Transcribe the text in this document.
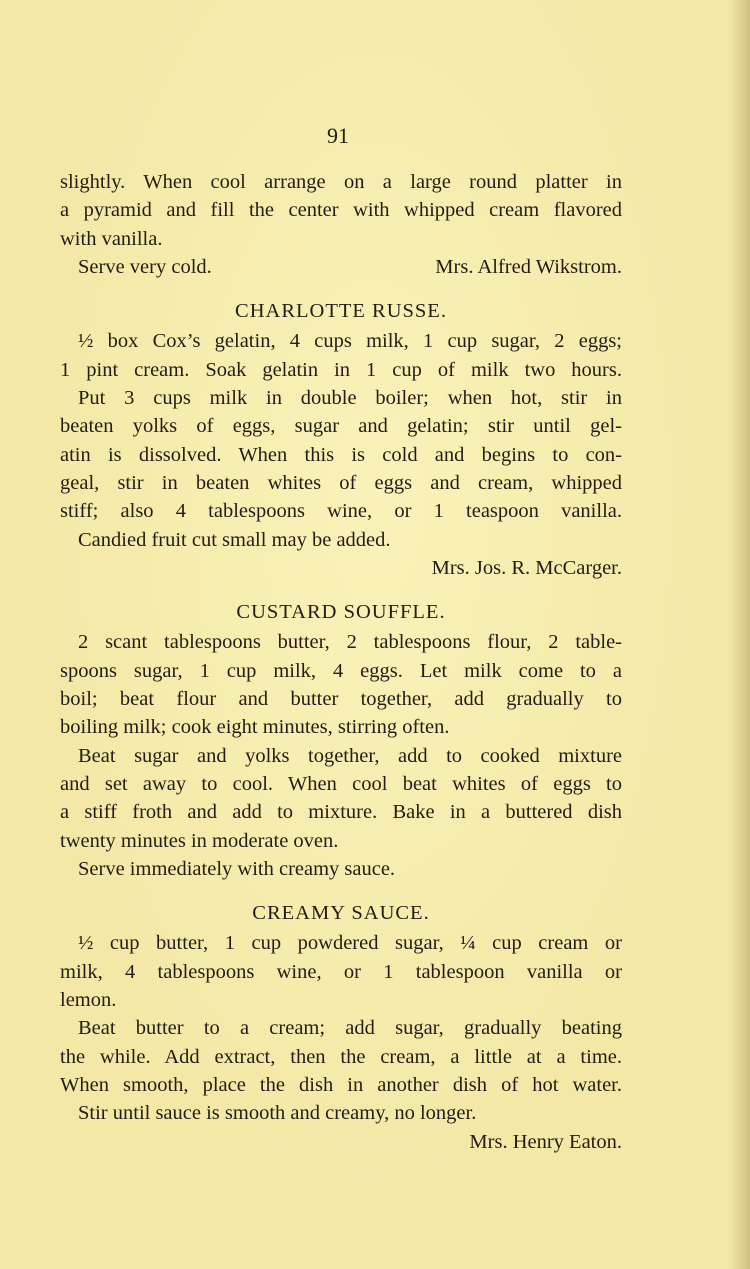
91
slightly. When cool arrange on a large round platter in
a pyramid and fill the center with whipped cream flavored
with vanilla.
Serve very cold.	Mrs. Alfred Wikstrom.
CHARLOTTE RUSSE.
½ box Cox’s gelatin, 4 cups milk, 1 cup sugar, 2 eggs;
1 pint cream. Soak gelatin in 1 cup of milk two hours.
Put 3 cups milk in double boiler; when hot, stir in
beaten yolks of eggs, sugar and gelatin; stir until gel-
atin is dissolved. When this is cold and begins to con-
geal, stir in beaten whites of eggs and cream, whipped
stiff; also 4 tablespoons wine, or 1 teaspoon vanilla.
Candied fruit cut small may be added.
Mrs. Jos. R. McCarger.
CUSTARD SOUFFLE.
2 scant tablespoons butter, 2 tablespoons flour, 2 table-
spoons sugar, 1 cup milk, 4 eggs. Let milk come to a
boil; beat flour and butter together, add gradually to
boiling milk; cook eight minutes, stirring often.
Beat sugar and yolks together, add to cooked mixture
and set away to cool. When cool beat whites of eggs to
a stiff froth and add to mixture. Bake in a buttered dish
twenty minutes in moderate oven.
Serve immediately with creamy sauce.
CREAMY SAUCE.
½ cup butter, 1 cup powdered sugar, ¼ cup cream or
milk, 4 tablespoons wine, or 1 tablespoon vanilla or
lemon.
Beat butter to a cream; add sugar, gradually beating
the while. Add extract, then the cream, a little at a time.
When smooth, place the dish in another dish of hot water.
Stir until sauce is smooth and creamy, no longer.
Mrs. Henry Eaton.
